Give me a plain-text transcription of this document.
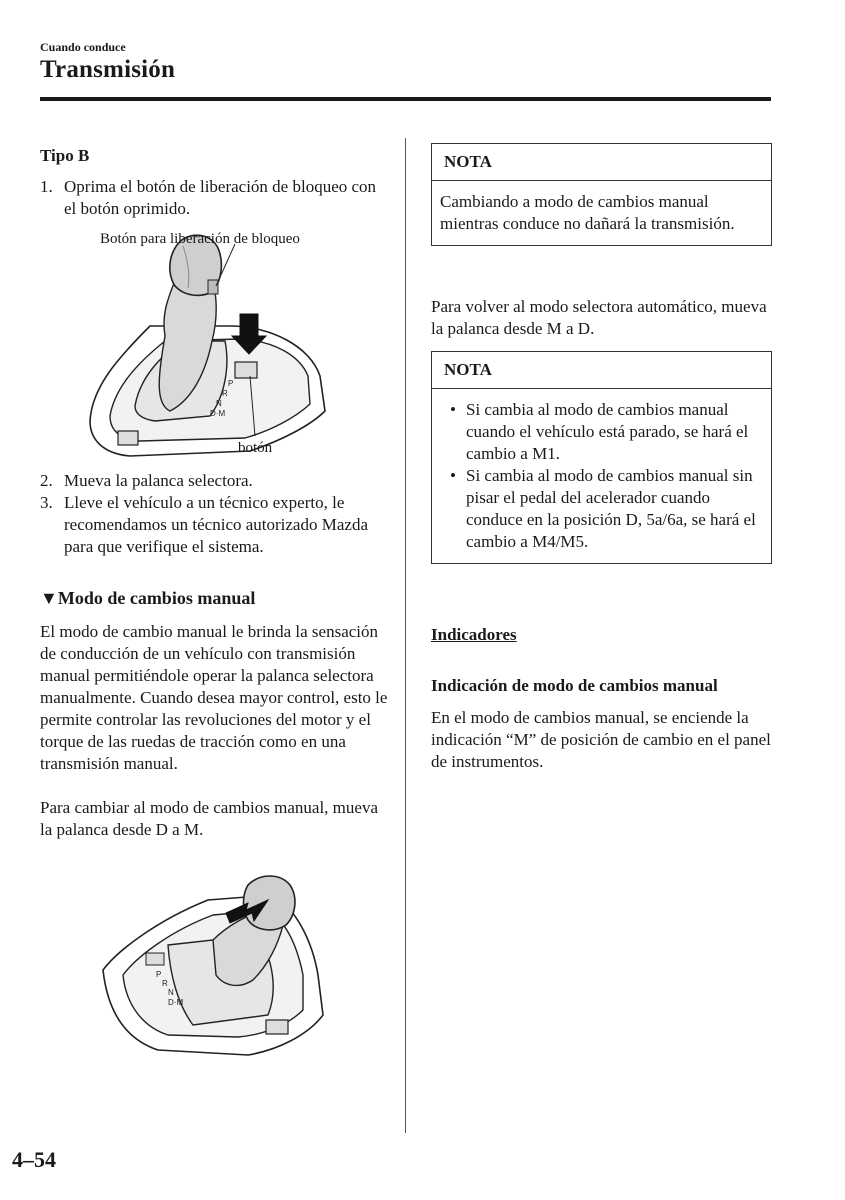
Cuando conduce
Transmisión
Tipo B
1. Oprima el botón de liberación de bloqueo con el botón oprimido.
P
R
N
D·M
Botón para liberación de bloqueo
botón
2. Mueva la palanca selectora.
3. Lleve el vehículo a un técnico experto, le recomendamos un técnico autorizado Mazda para que verifique el sistema.
▼Modo de cambios manual

El modo de cambio manual le brinda la sensación de conducción de un vehículo con transmisión manual permitiéndole operar la palanca selectora manualmente. Cuando desea mayor control, esto le permite controlar las revoluciones del motor y el torque de las ruedas de tracción como en una transmisión manual.

Para cambiar al modo de cambios manual, mueva la palanca desde D a M.

P
R
N
D·M
NOTA
Cambiando a modo de cambios manual mientras conduce no dañará la transmisión.

Para volver al modo selectora automático, mueva la palanca desde M a D.

NOTA
• Si cambia al modo de cambios manual cuando el vehículo está parado, se hará el cambio a M1.
• Si cambia al modo de cambios manual sin pisar el pedal del acelerador cuando conduce en la posición D, 5a/6a, se hará el cambio a M4/M5.
Indicadores
Indicación de modo de cambios manual

En el modo de cambios manual, se enciende la indicación “M” de posición de cambio en el panel de instrumentos.

4–54
